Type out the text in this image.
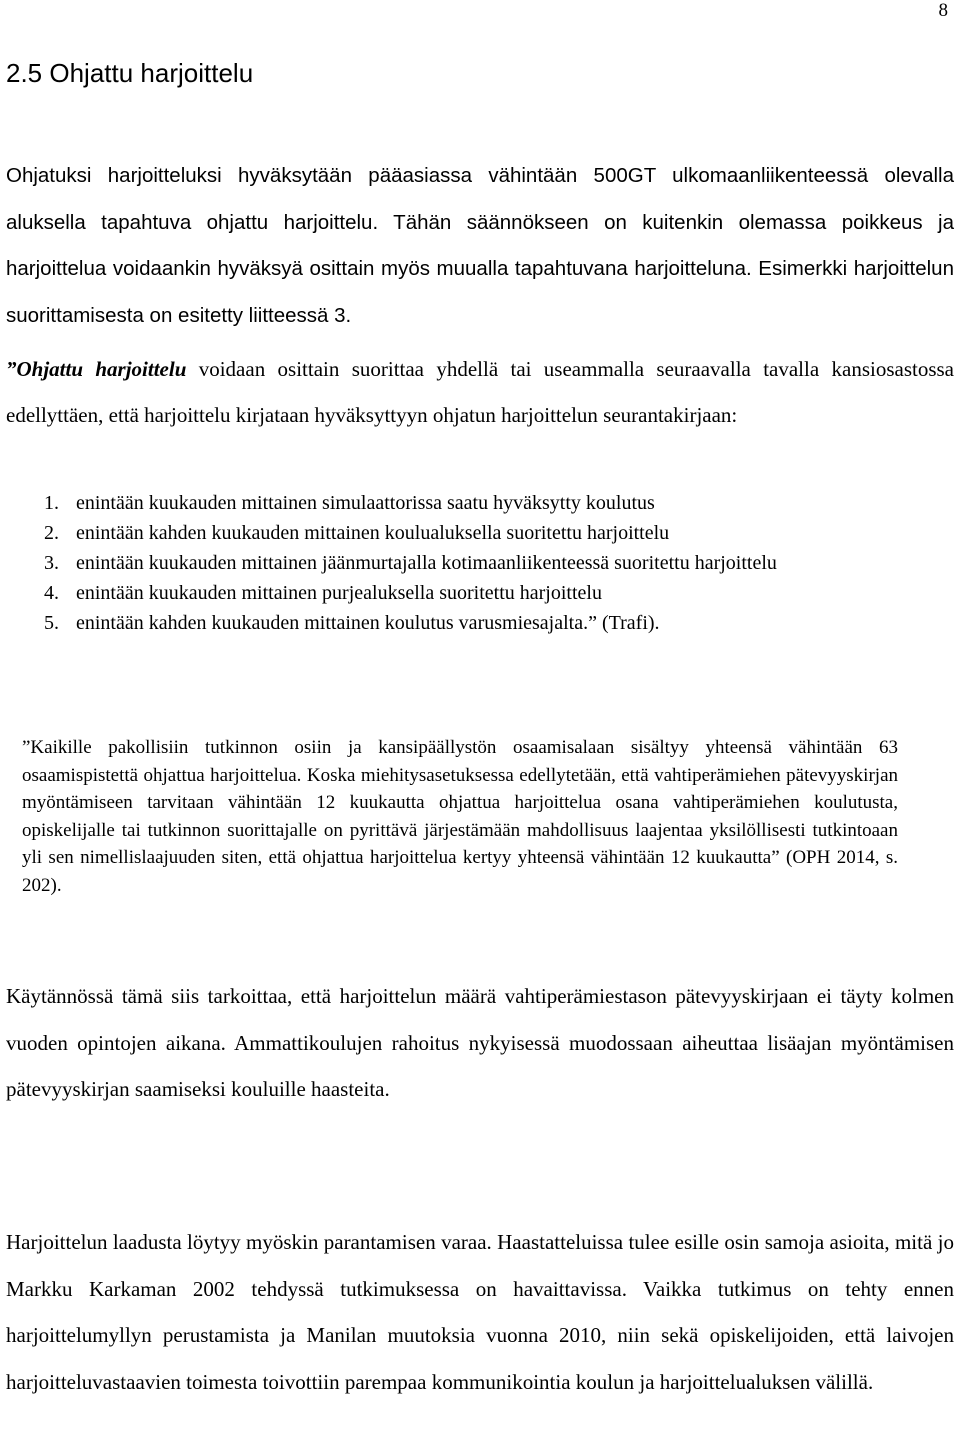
8
2.5 Ohjattu harjoittelu

Ohjatuksi harjoitteluksi hyväksytään pääasiassa vähintään 500GT ulkomaanliikenteessä olevalla aluksella tapahtuva ohjattu harjoittelu. Tähän säännökseen on kuitenkin olemassa poikkeus ja harjoittelua voidaankin hyväksyä osittain myös muualla tapahtuvana harjoitteluna. Esimerkki harjoittelun suorittamisesta on esitetty liitteessä 3.

”Ohjattu harjoittelu voidaan osittain suorittaa yhdellä tai useammalla seuraavalla tavalla kansiosastossa edellyttäen, että harjoittelu kirjataan hyväksyttyyn ohjatun harjoittelun seurantakirjaan:

1. enintään kuukauden mittainen simulaattorissa saatu hyväksytty koulutus
2. enintään kahden kuukauden mittainen koulualuksella suoritettu harjoittelu
3. enintään kuukauden mittainen jäänmurtajalla kotimaanliikenteessä suoritettu harjoittelu
4. enintään kuukauden mittainen purjealuksella suoritettu harjoittelu
5. enintään kahden kuukauden mittainen koulutus varusmiesajalta.” (Trafi).

”Kaikille pakollisiin tutkinnon osiin ja kansipäällystön osaamisalaan sisältyy yhteensä vähintään 63 osaamispistettä ohjattua harjoittelua. Koska miehitysasetuksessa edellytetään, että vahtiperämiehen pätevyyskirjan myöntämiseen tarvitaan vähintään 12 kuukautta ohjattua harjoittelua osana vahtiperämiehen koulutusta, opiskelijalle tai tutkinnon suorittajalle on pyrittävä järjestämään mahdollisuus laajentaa yksilöllisesti tutkintoaan yli sen nimellislaajuuden siten, että ohjattua harjoittelua kertyy yhteensä vähintään 12 kuukautta” (OPH 2014, s. 202).

Käytännössä tämä siis tarkoittaa, että harjoittelun määrä vahtiperämiestason pätevyyskirjaan ei täyty kolmen vuoden opintojen aikana. Ammattikoulujen rahoitus nykyisessä muodossaan aiheuttaa lisäajan myöntämisen pätevyyskirjan saamiseksi kouluille haasteita.

Harjoittelun laadusta löytyy myöskin parantamisen varaa. Haastatteluissa tulee esille osin samoja asioita, mitä jo Markku Karkaman 2002 tehdyssä tutkimuksessa on havaittavissa. Vaikka tutkimus on tehty ennen harjoittelumyllyn perustamista ja Manilan muutoksia vuonna 2010, niin sekä opiskelijoiden, että laivojen harjoitteluvastaavien toimesta toivottiin parempaa kommunikointia koulun ja harjoittelualuksen välillä.
